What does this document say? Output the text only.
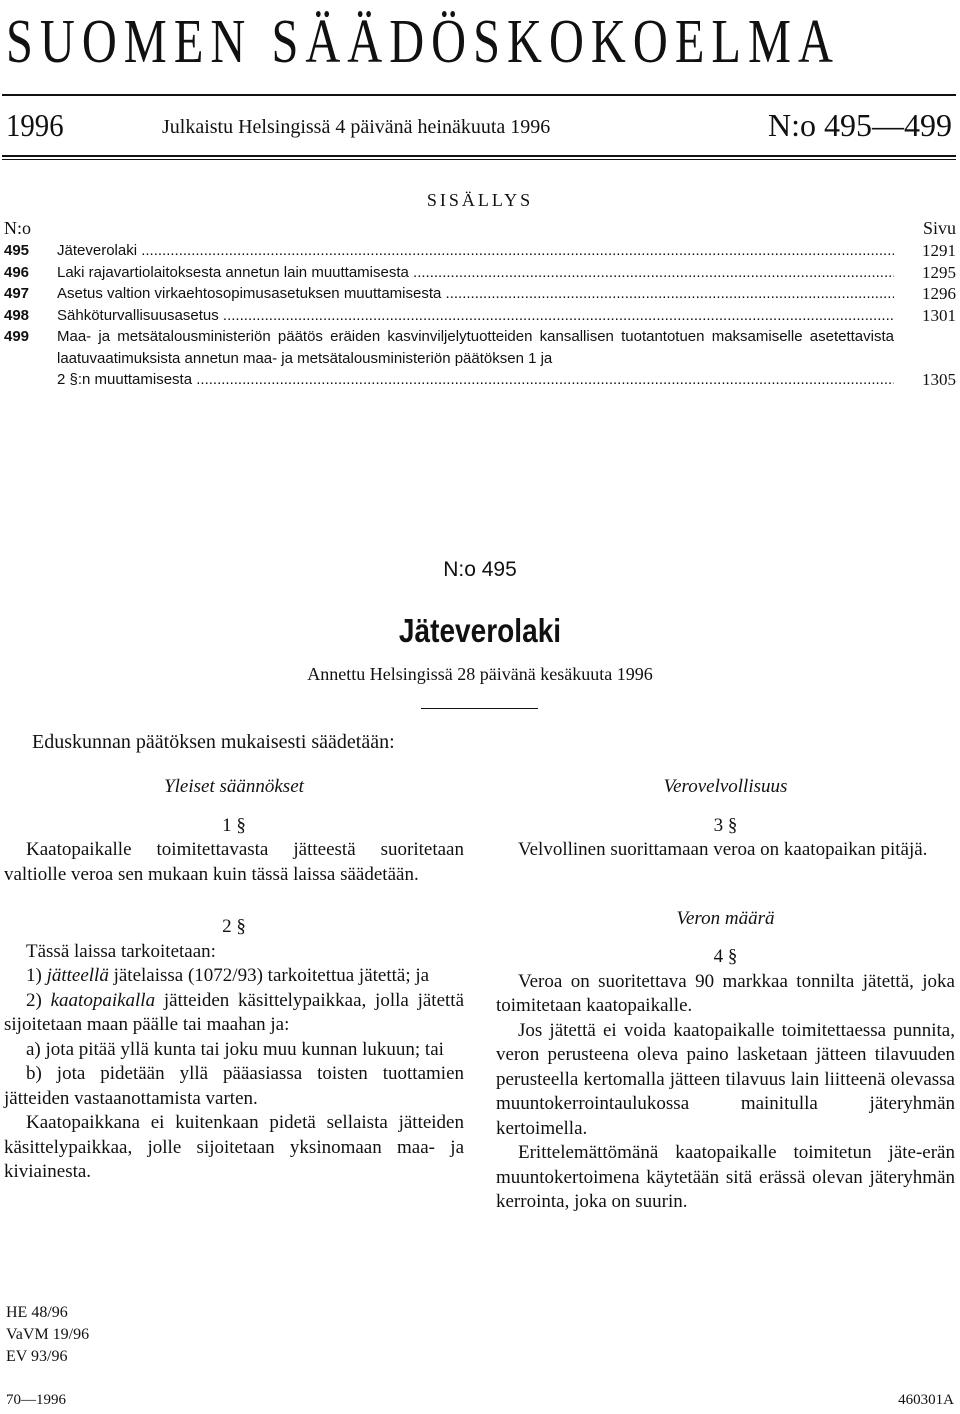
SUOMEN SÄÄDÖSKOKOELMA
1996	Julkaistu Helsingissä 4 päivänä heinäkuuta 1996	N:o 495—499
SISÄLLYS
N:o	Sivu
495	Jäteverolaki .....	1291
496	Laki rajavartiolaitoksesta annetun lain muuttamisesta .....	1295
497	Asetus valtion virkaehtosopimusasetuksen muuttamisesta .....	1296
498	Sähköturvallisuusasetus .....	1301
499	Maa- ja metsätalousministeriön päätös eräiden kasvinviljelytuotteiden kansallisen tuotantotuen maksamiselle asetettavista laatuvaatimuksista annetun maa- ja metsätalousministeriön päätöksen 1 ja
2 §:n muuttamisesta .....	1305
N:o 495
Jäteverolaki
Annettu Helsingissä 28 päivänä kesäkuuta 1996
Eduskunnan päätöksen mukaisesti säädetään:
Yleiset säännökset
1 §
Kaatopaikalle toimitettavasta jätteestä suoritetaan valtiolle veroa sen mukaan kuin tässä laissa säädetään.
2 §
Tässä laissa tarkoitetaan:
1) jätteellä jätelaissa (1072/93) tarkoitettua jätettä; ja
2) kaatopaikalla jätteiden käsittelypaikkaa, jolla jätettä sijoitetaan maan päälle tai maahan ja:
a) jota pitää yllä kunta tai joku muu kunnan lukuun; tai
b) jota pidetään yllä pääasiassa toisten tuottamien jätteiden vastaanottamista varten.
Kaatopaikkana ei kuitenkaan pidetä sellaista jätteiden käsittelypaikkaa, jolle sijoitetaan yksinomaan maa- ja kiviainesta.
Verovelvollisuus
3 §
Velvollinen suorittamaan veroa on kaatopaikan pitäjä.
Veron määrä
4 §
Veroa on suoritettava 90 markkaa tonnilta jätettä, joka toimitetaan kaatopaikalle.
Jos jätettä ei voida kaatopaikalle toimitettaessa punnita, veron perusteena oleva paino lasketaan jätteen tilavuuden perusteella kertomalla jätteen tilavuus lain liitteenä olevassa muuntokerrointaulukossa mainitulla jäteryhmän kertoimella.
Erittelemättömänä kaatopaikalle toimitetun jäte-erän muuntokertoimena käytetään sitä erässä olevan jäteryhmän kerrointa, joka on suurin.
HE 48/96
VaVM 19/96
EV 93/96
70—1996	460301A
